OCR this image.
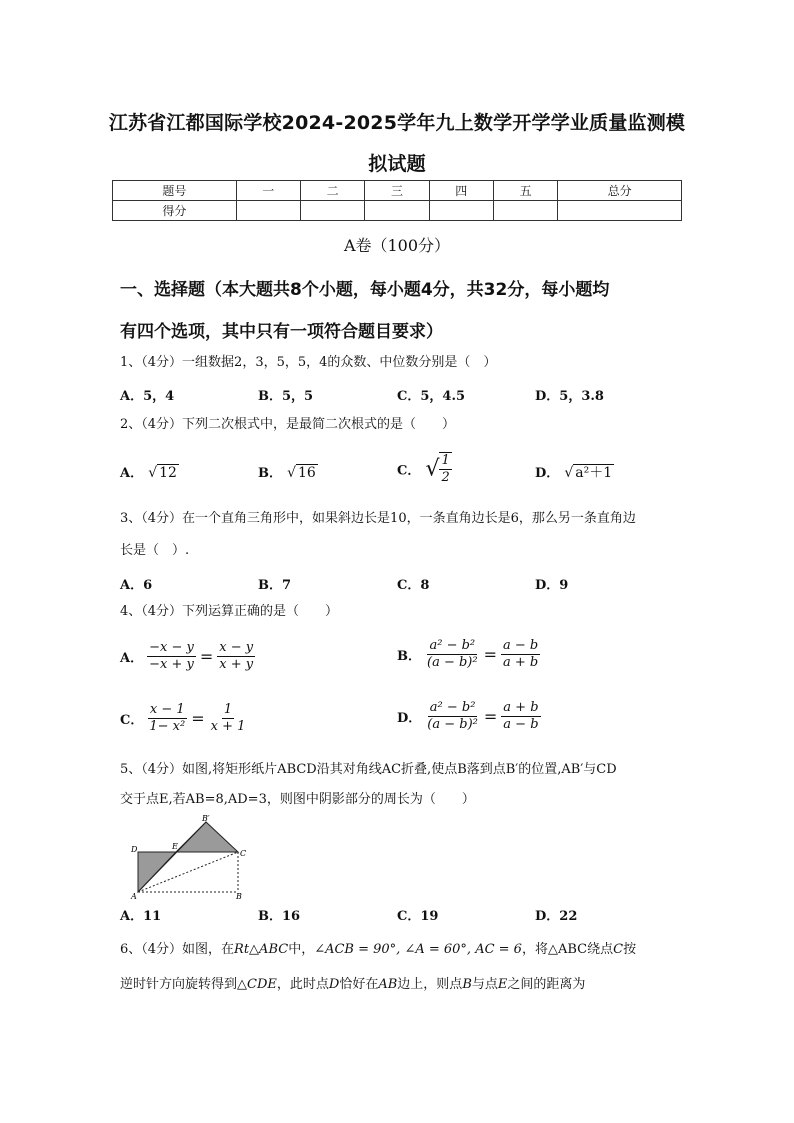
江苏省江都国际学校2024-2025学年九上数学开学学业质量监测模
拟试题
题号	一	二	三	四	五	总分
得分						
A卷（100分）
一、选择题（本大题共8个小题，每小题4分，共32分，每小题均
有四个选项，其中只有一项符合题目要求）
1、（4分）一组数据2，3，5，5，4的众数、中位数分别是（　）
A．5，4	B．5，5	C．5，4.5	D．5，3.8
2、（4分）下列二次根式中，是最简二次根式的是（　　）
A． √ 12	B． √ 16	C． √ $\frac{1}{2}$	D． √ a²＋1
3、（4分）在一个直角三角形中，如果斜边长是10，一条直角边长是6，那么另一条直角边
长是（　）.
A．6	B．7	C．8	D．9
4、（4分）下列运算正确的是（　　）
A． $\frac{-x - y}{-x + y} = \frac{x - y}{x + y}$	B． $\frac{\text{a² − b²}}{\text{(a − b)²}} = \frac{a - b}{a + b}$
C． $\frac{x - 1}{\text{1− x²}} = \frac{1}{x + 1}$	D． $\frac{\text{a² − b²}}{\text{(a − b)²}} = \frac{a + b}{a - b}$
5、（4分）如图,将矩形纸片ABCD沿其对角线AC折叠,使点B落到点B′的位置,AB′与CD
交于点E,若AB=8,AD=3，则图中阴影部分的周长为（　　）
D	E
B′
C
A	B
A．11	B．16	C．19	D．22
6、（4分）如图，在Rt△ABC中，∠ACB = 90°, ∠A = 60°, AC = 6，将△ABC绕点C按
逆时针方向旋转得到△CDE，此时点D恰好在AB边上，则点B与点E之间的距离为
